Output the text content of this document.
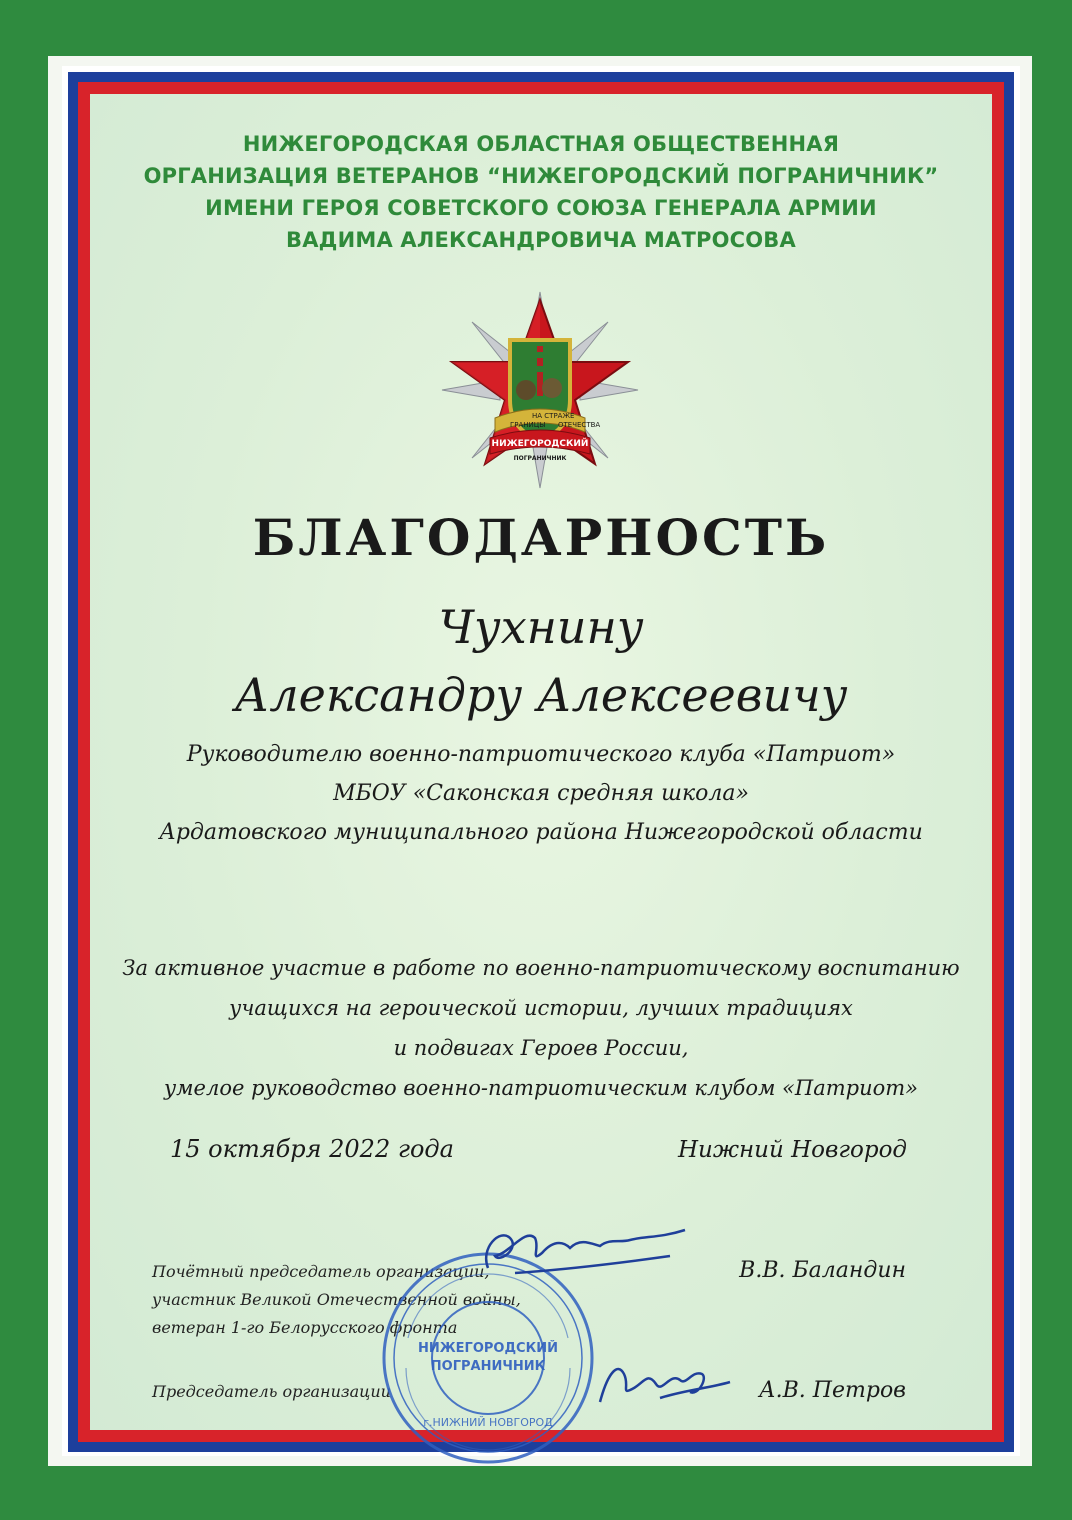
НИЖЕГОРОДСКАЯ ОБЛАСТНАЯ ОБЩЕСТВЕННАЯ
ОРГАНИЗАЦИЯ ВЕТЕРАНОВ “НИЖЕГОРОДСКИЙ ПОГРАНИЧНИК”
ИМЕНИ ГЕРОЯ СОВЕТСКОГО СОЮЗА ГЕНЕРАЛА АРМИИ
ВАДИМА АЛЕКСАНДРОВИЧА МАТРОСОВА
ГРАНИЦЫ
НА СТРАЖЕ
ОТЕЧЕСТВА
НИЖЕГОРОДСКИЙ
ПОГРАНИЧНИК
БЛАГОДАРНОСТЬ
Чухнину
Александру Алексеевичу
Руководителю военно-патриотического клуба «Патриот»
МБОУ «Саконская средняя школа»
Ардатовского муниципального района Нижегородской области
За активное участие в работе по военно-патриотическому воспитанию
учащихся на героической истории, лучших традициях
и подвигах Героев России,
умелое руководство военно-патриотическим клубом «Патриот»
15 октября 2022 года	Нижний Новгород
Почётный председатель организации,
участник Великой Отечественной войны,
ветеран 1-го Белорусского фронта
В.В. Баландин
Председатель организации	А.В. Петров
НИЖЕГОРОДСКИЙ
ПОГРАНИЧНИК
г.НИЖНИЙ НОВГОРОД
